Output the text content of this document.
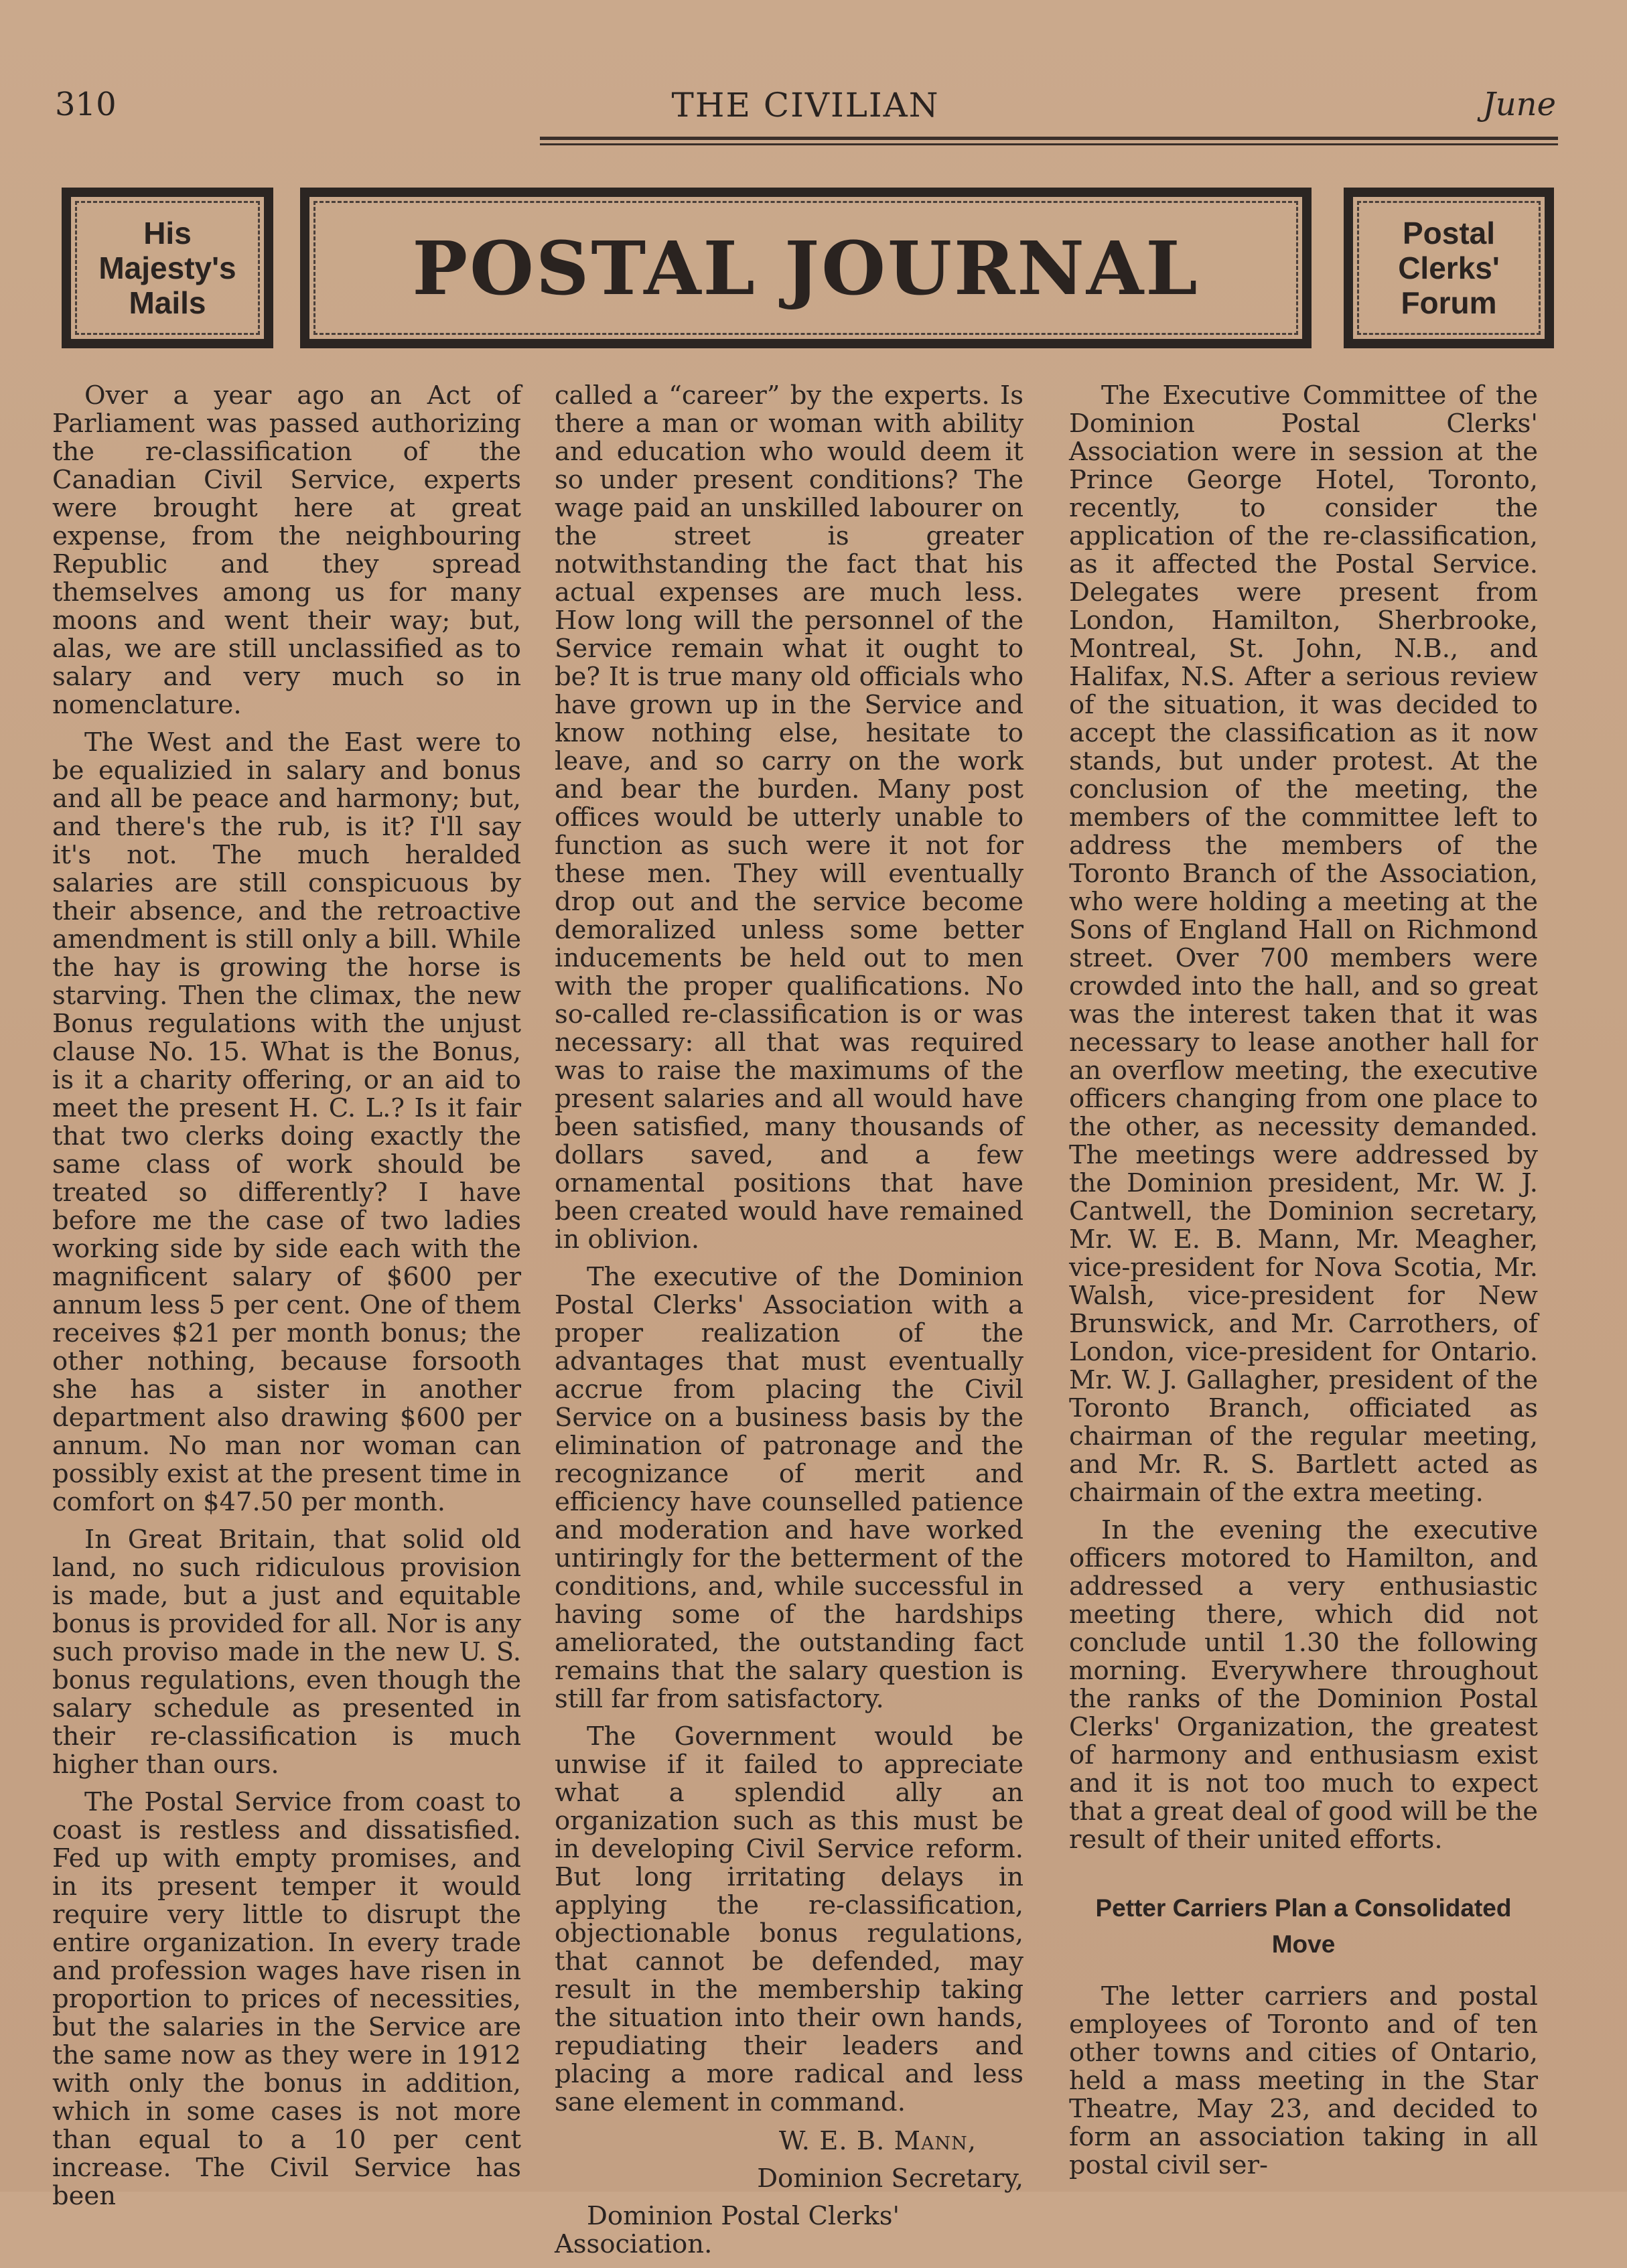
310	THE CIVILIAN	June
His
Majesty's
Mails	POSTAL JOURNAL	Postal
Clerks'
Forum

Over a year ago an Act of Parliament was passed authorizing the re-classification of the Canadian Civil Service, experts were brought here at great expense, from the neighbouring Republic and they spread themselves among us for many moons and went their way; but, alas, we are still unclassified as to salary and very much so in nomenclature.

The West and the East were to be equalizied in salary and bonus and all be peace and harmony; but, and there's the rub, is it? I'll say it's not. The much heralded salaries are still conspicuous by their absence, and the retroactive amendment is still only a bill. While the hay is growing the horse is starving. Then the climax, the new Bonus regulations with the unjust clause No. 15. What is the Bonus, is it a charity offering, or an aid to meet the present H. C. L.? Is it fair that two clerks doing exactly the same class of work should be treated so differently? I have before me the case of two ladies working side by side each with the magnificent salary of $600 per annum less 5 per cent. One of them receives $21 per month bonus; the other nothing, because forsooth she has a sister in another department also drawing $600 per annum. No man nor woman can possibly exist at the present time in comfort on $47.50 per month.

In Great Britain, that solid old land, no such ridiculous provision is made, but a just and equitable bonus is provided for all. Nor is any such proviso made in the new U. S. bonus regulations, even though the salary schedule as presented in their re-classification is much higher than ours.

The Postal Service from coast to coast is restless and dissatisfied. Fed up with empty promises, and in its present temper it would require very little to disrupt the entire organization. In every trade and profession wages have risen in proportion to prices of necessities, but the salaries in the Service are the same now as they were in 1912 with only the bonus in addition, which in some cases is not more than equal to a 10 per cent increase. The Civil Service has been

called a “career” by the experts. Is there a man or woman with ability and education who would deem it so under present conditions? The wage paid an unskilled labourer on the street is greater notwithstanding the fact that his actual expenses are much less. How long will the personnel of the Service remain what it ought to be? It is true many old officials who have grown up in the Service and know nothing else, hesitate to leave, and so carry on the work and bear the burden. Many post offices would be utterly unable to function as such were it not for these men. They will eventually drop out and the service become demoralized unless some better inducements be held out to men with the proper qualifications. No so-called re-classification is or was necessary: all that was required was to raise the maximums of the present salaries and all would have been satisfied, many thousands of dollars saved, and a few ornamental positions that have been created would have remained in oblivion.

The executive of the Dominion Postal Clerks' Association with a proper realization of the advantages that must eventually accrue from placing the Civil Service on a business basis by the elimination of patronage and the recognizance of merit and efficiency have counselled patience and moderation and have worked untiringly for the betterment of the conditions, and, while successful in having some of the hardships ameliorated, the outstanding fact remains that the salary question is still far from satisfactory.

The Government would be unwise if it failed to appreciate what a splendid ally an organization such as this must be in developing Civil Service reform. But long irritating delays in applying the re-classification, objectionable bonus regulations, that cannot be defended, may result in the membership taking the situation into their own hands, repudiating their leaders and placing a more radical and less sane element in command.

W. E. B. Mann,

Dominion Secretary,

Dominion Postal Clerks' Association.

The Executive Committee of the Dominion Postal Clerks' Association were in session at the Prince George Hotel, Toronto, recently, to consider the application of the re-classification, as it affected the Postal Service. Delegates were present from London, Hamilton, Sherbrooke, Montreal, St. John, N.B., and Halifax, N.S. After a serious review of the situation, it was decided to accept the classification as it now stands, but under protest. At the conclusion of the meeting, the members of the committee left to address the members of the Toronto Branch of the Association, who were holding a meeting at the Sons of England Hall on Richmond street. Over 700 members were crowded into the hall, and so great was the interest taken that it was necessary to lease another hall for an overflow meeting, the executive officers changing from one place to the other, as necessity demanded. The meetings were addressed by the Dominion president, Mr. W. J. Cantwell, the Dominion secretary, Mr. W. E. B. Mann, Mr. Meagher, vice-president for Nova Scotia, Mr. Walsh, vice-president for New Brunswick, and Mr. Carrothers, of London, vice-president for Ontario. Mr. W. J. Gallagher, president of the Toronto Branch, officiated as chairman of the regular meeting, and Mr. R. S. Bartlett acted as chairmain of the extra meeting.

In the evening the executive officers motored to Hamilton, and addressed a very enthusiastic meeting there, which did not conclude until 1.30 the following morning. Everywhere throughout the ranks of the Dominion Postal Clerks' Organization, the greatest of harmony and enthusiasm exist and it is not too much to expect that a great deal of good will be the result of their united efforts.

Petter Carriers Plan a Consolidated
Move

The letter carriers and postal employees of Toronto and of ten other towns and cities of Ontario, held a mass meeting in the Star Theatre, May 23, and decided to form an association taking in all postal civil ser-
